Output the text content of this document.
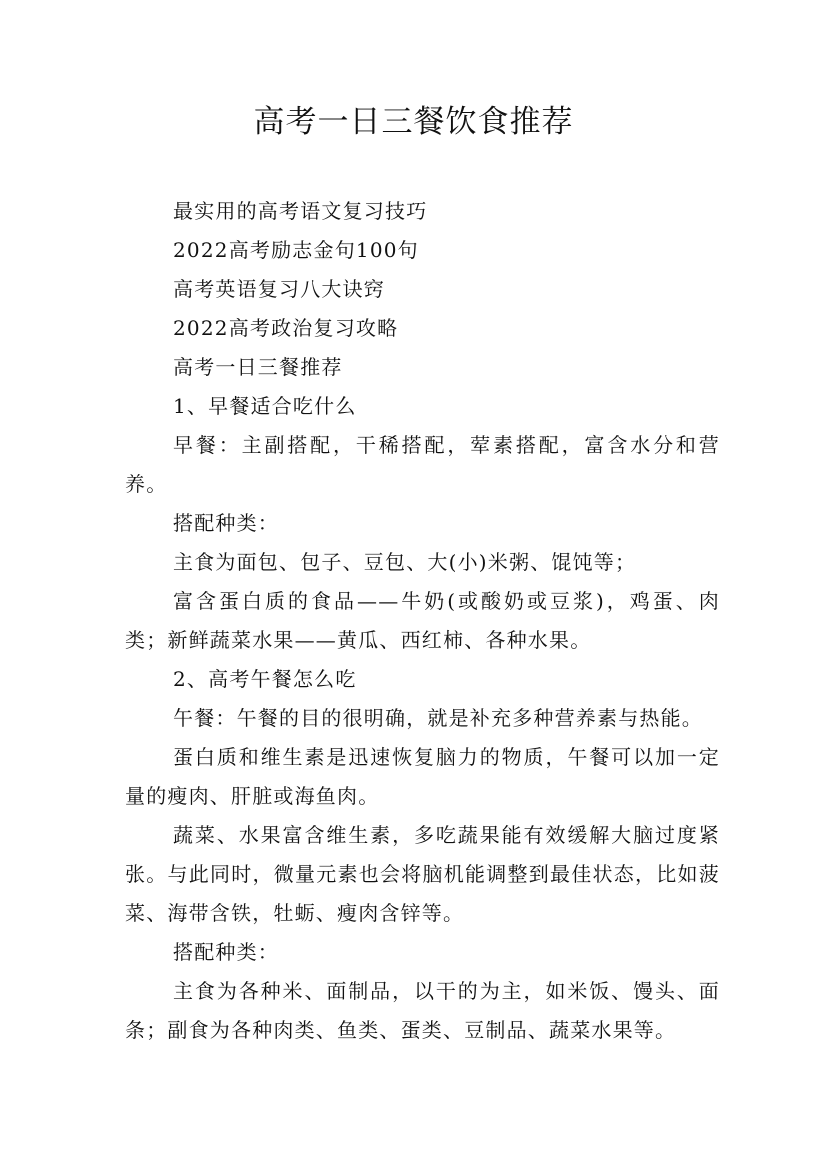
高考一日三餐饮食推荐

最实用的高考语文复习技巧

2022高考励志金句100句

高考英语复习八大诀窍

2022高考政治复习攻略

高考一日三餐推荐

1、早餐适合吃什么

早餐：主副搭配，干稀搭配，荤素搭配，富含水分和营养。

搭配种类：

主食为面包、包子、豆包、大(小)米粥、馄饨等；

富含蛋白质的食品——牛奶(或酸奶或豆浆)，鸡蛋、肉类；新鲜蔬菜水果——黄瓜、西红柿、各种水果。

2、高考午餐怎么吃

午餐：午餐的目的很明确，就是补充多种营养素与热能。

蛋白质和维生素是迅速恢复脑力的物质，午餐可以加一定量的瘦肉、肝脏或海鱼肉。

蔬菜、水果富含维生素，多吃蔬果能有效缓解大脑过度紧张。与此同时，微量元素也会将脑机能调整到最佳状态，比如菠菜、海带含铁，牡蛎、瘦肉含锌等。

搭配种类：

主食为各种米、面制品，以干的为主，如米饭、馒头、面条；副食为各种肉类、鱼类、蛋类、豆制品、蔬菜水果等。
